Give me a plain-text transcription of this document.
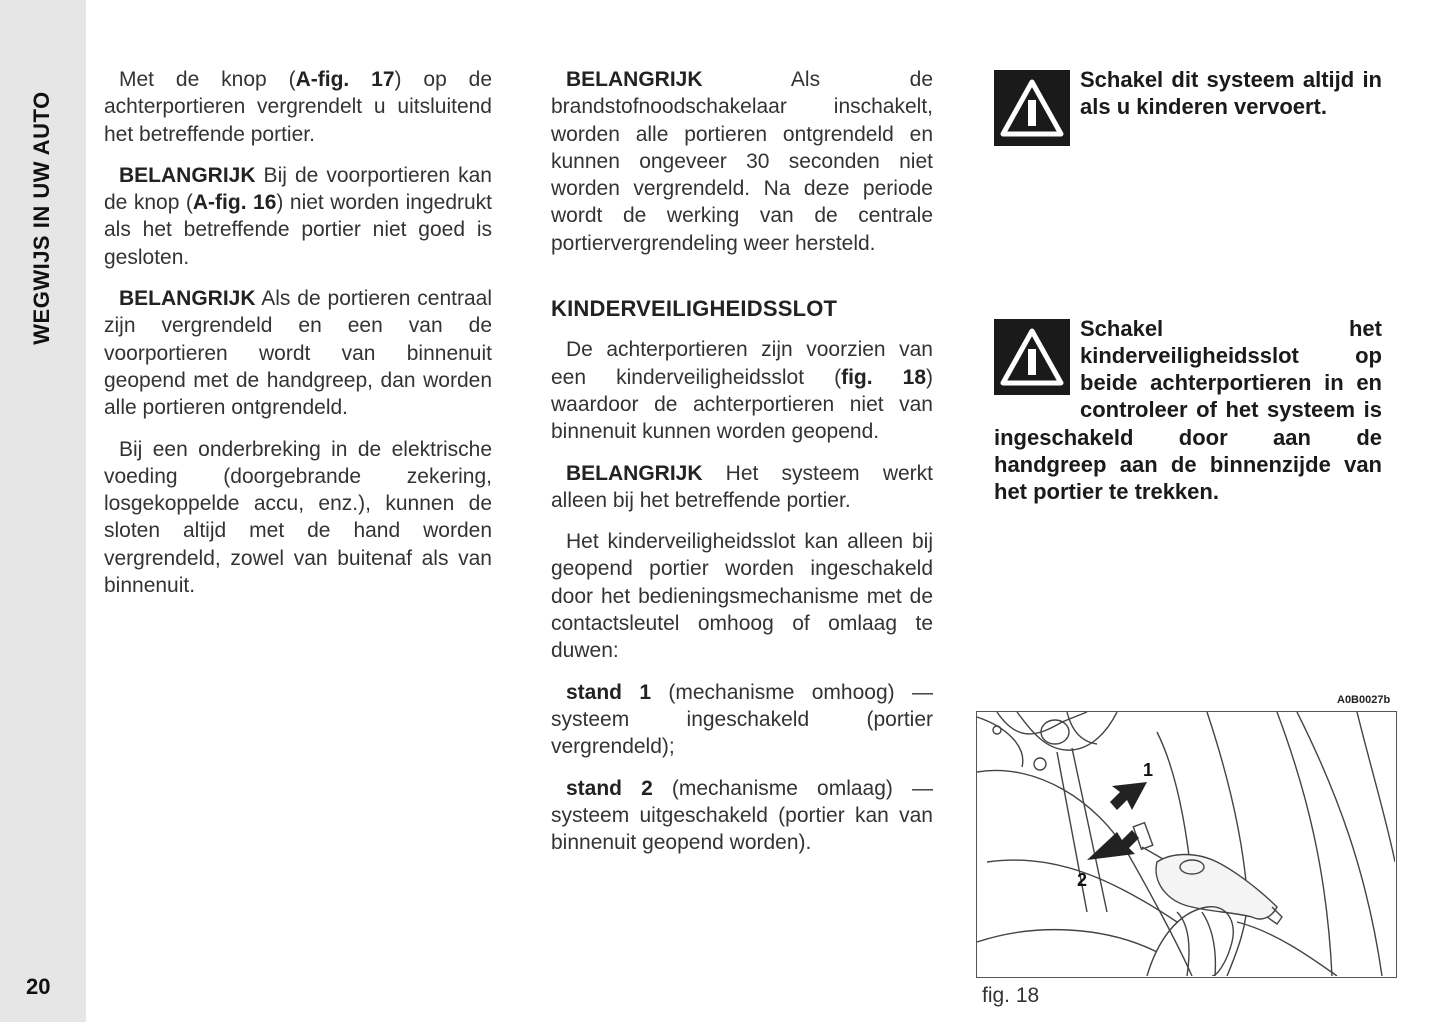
WEGWIJS IN UW AUTO
20

Met de knop (A-fig. 17) op de achterportieren vergrendelt u uitsluitend het betreffende portier.

BELANGRIJK Bij de voorportieren kan de knop (A-fig. 16) niet worden ingedrukt als het betreffende portier niet goed is gesloten.

BELANGRIJK Als de portieren centraal zijn vergrendeld en een van de voorportieren wordt van binnenuit geopend met de handgreep, dan worden alle portieren ontgrendeld.

Bij een onderbreking in de elektrische voeding (doorgebrande zekering, losgekoppelde accu, enz.), kunnen de sloten altijd met de hand worden vergrendeld, zowel van buitenaf als van binnenuit.

BELANGRIJK Als de brandstofnoodschakelaar inschakelt, worden alle portieren ontgrendeld en kunnen ongeveer 30 seconden niet worden vergrendeld. Na deze periode wordt de werking van de centrale portiervergrendeling weer hersteld.

KINDERVEILIGHEIDSSLOT

De achterportieren zijn voorzien van een kinderveiligheidsslot (fig. 18) waardoor de achterportieren niet van binnenuit kunnen worden geopend.

BELANGRIJK Het systeem werkt alleen bij het betreffende portier.

Het kinderveiligheidsslot kan alleen bij geopend portier worden ingeschakeld door het bedieningsmechanisme met de contactsleutel omhoog of omlaag te duwen:

stand 1 (mechanisme omhoog) — systeem ingeschakeld (portier vergrendeld);

stand 2 (mechanisme omlaag) — systeem uitgeschakeld (portier kan van binnenuit geopend worden).

Schakel dit systeem altijd in als u kinderen vervoert.
Schakel het kinderveiligheidsslot op beide achterportieren in en controleer of het systeem is ingeschakeld door aan de handgreep aan de binnenzijde van het portier te trekken.
A0B0027b
1
2
fig. 18
